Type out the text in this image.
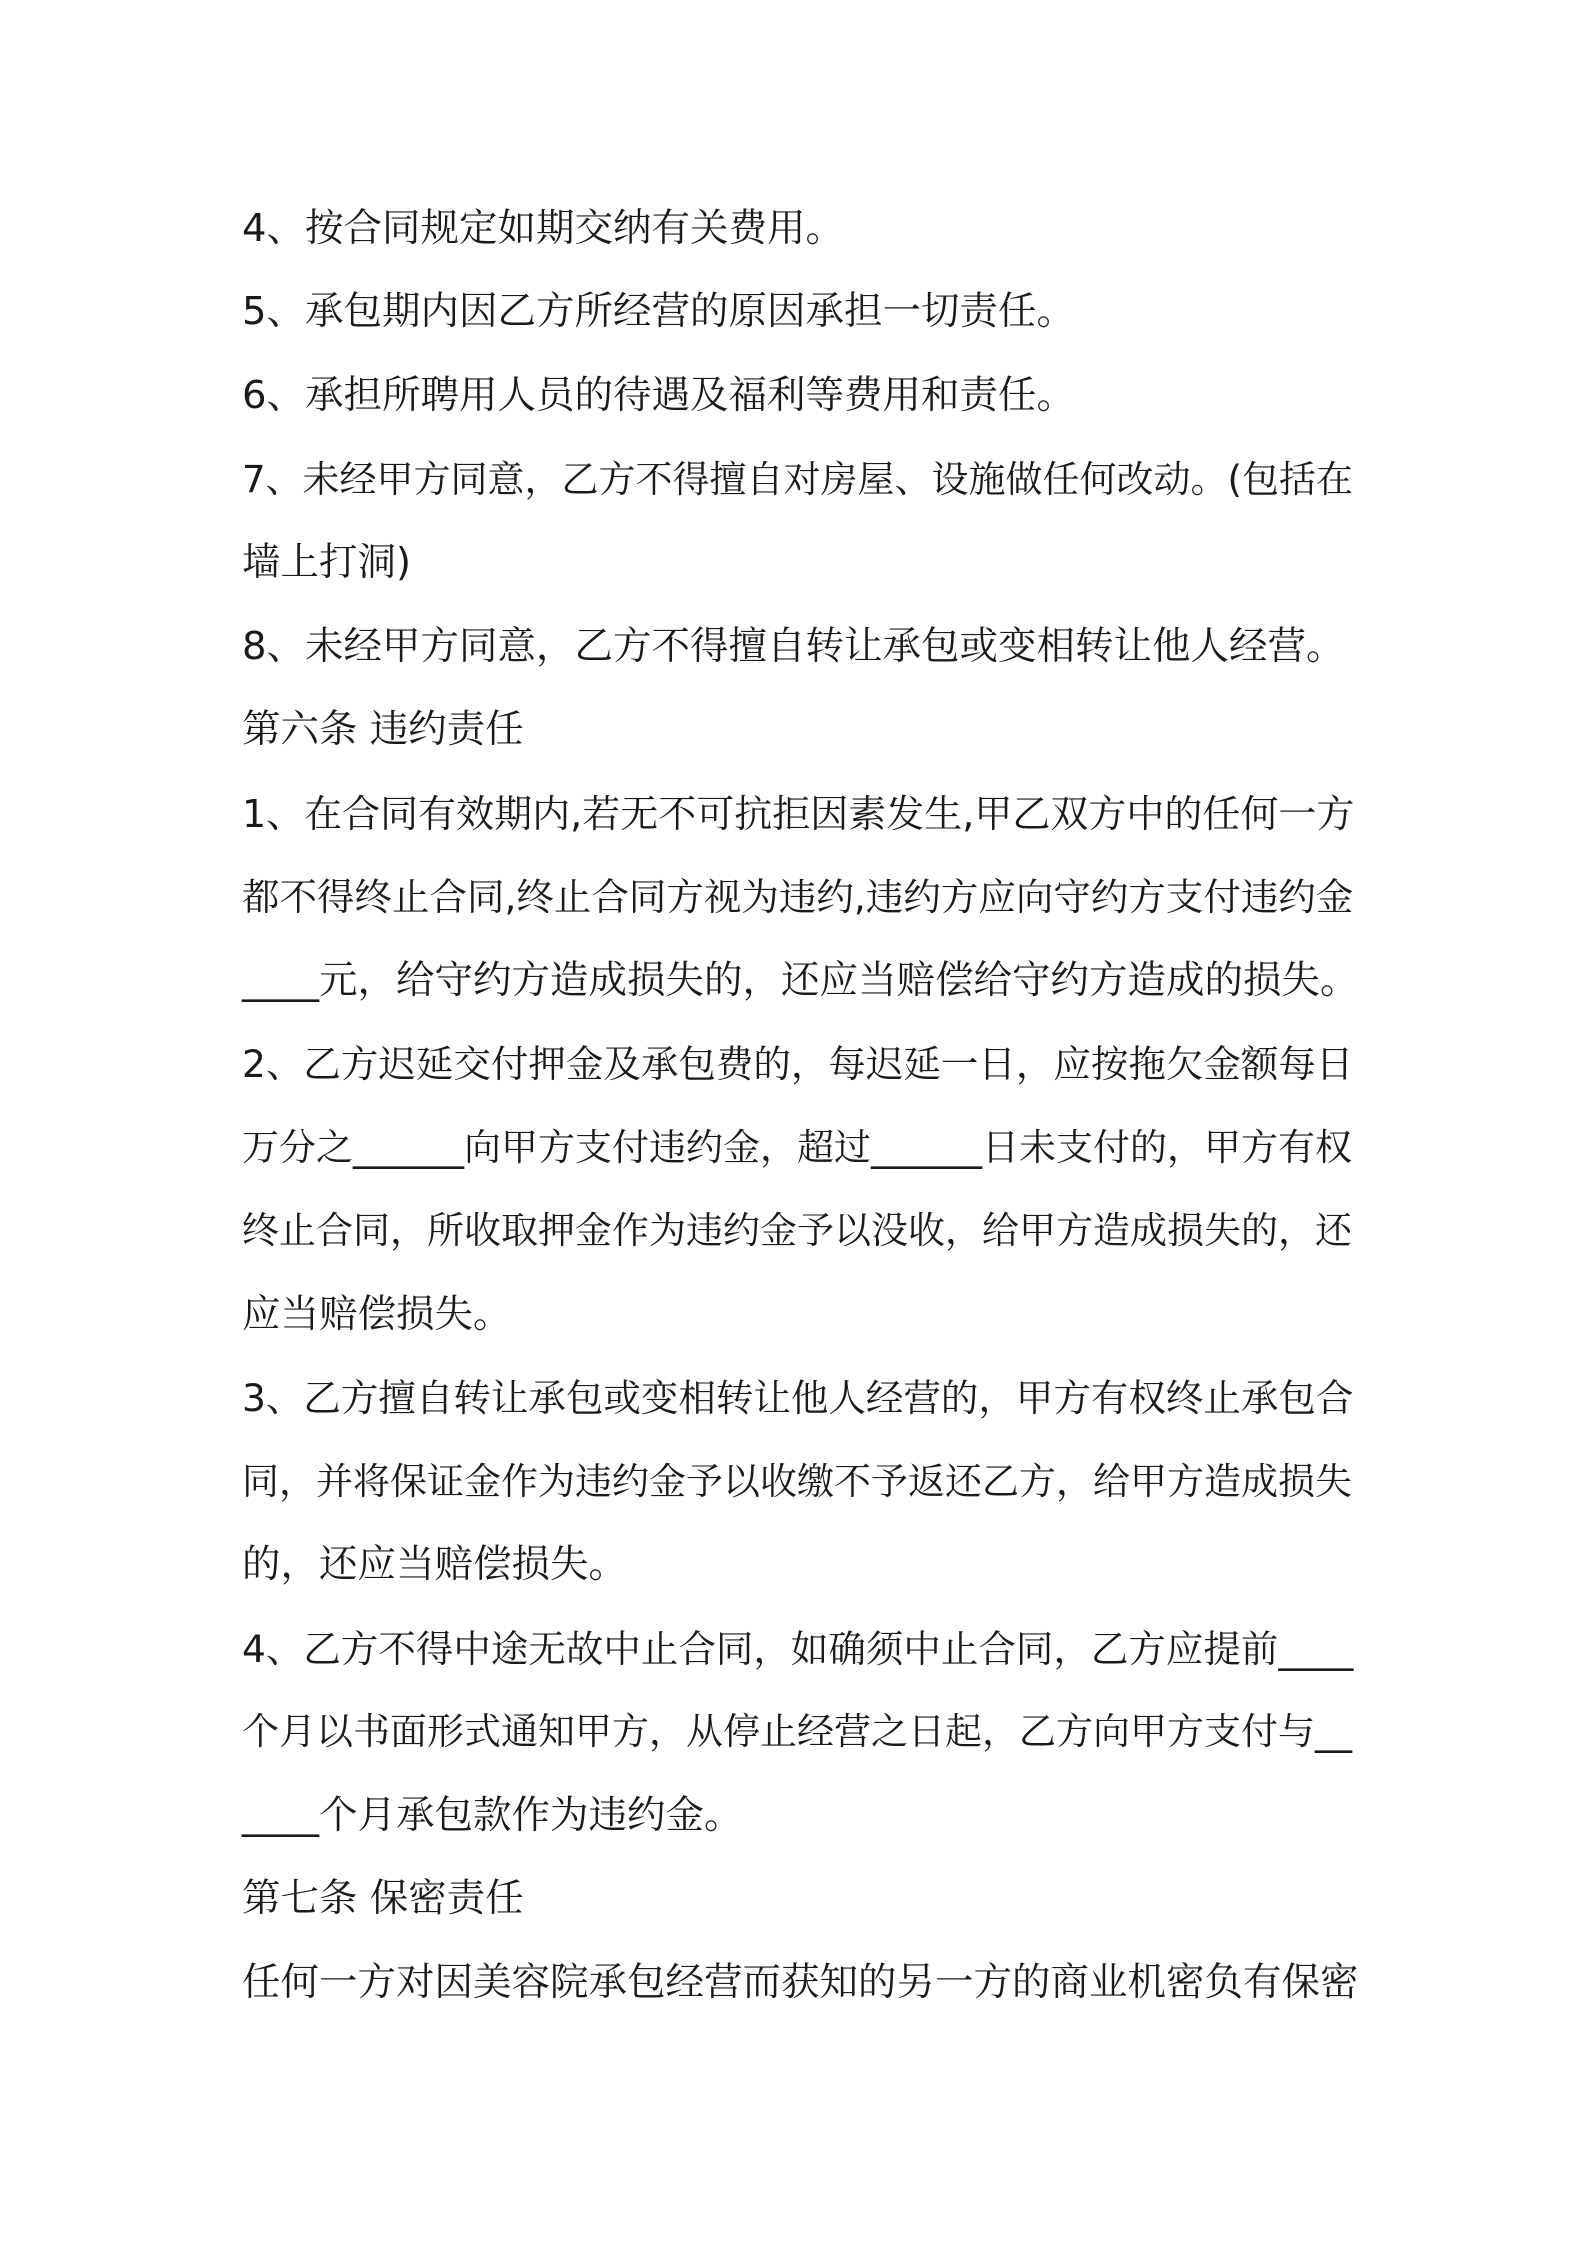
4、按合同规定如期交纳有关费用。

5、承包期内因乙方所经营的原因承担一切责任。

6、承担所聘用人员的待遇及福利等费用和责任。

7、未经甲方同意，乙方不得擅自对房屋、设施做任何改动。(包括在

墙上打洞)

8、未经甲方同意，乙方不得擅自转让承包或变相转让他人经营。

第六条 违约责任

1、在合同有效期内,若无不可抗拒因素发生,甲乙双方中的任何一方

都不得终止合同,终止合同方视为违约,违约方应向守约方支付违约金

____元，给守约方造成损失的，还应当赔偿给守约方造成的损失。

2、乙方迟延交付押金及承包费的，每迟延一日，应按拖欠金额每日

万分之______向甲方支付违约金，超过______日未支付的，甲方有权

终止合同，所收取押金作为违约金予以没收，给甲方造成损失的，还

应当赔偿损失。

3、乙方擅自转让承包或变相转让他人经营的，甲方有权终止承包合

同，并将保证金作为违约金予以收缴不予返还乙方，给甲方造成损失

的，还应当赔偿损失。

4、乙方不得中途无故中止合同，如确须中止合同，乙方应提前____

个月以书面形式通知甲方，从停止经营之日起，乙方向甲方支付与__

____个月承包款作为违约金。

第七条 保密责任

任何一方对因美容院承包经营而获知的另一方的商业机密负有保密
